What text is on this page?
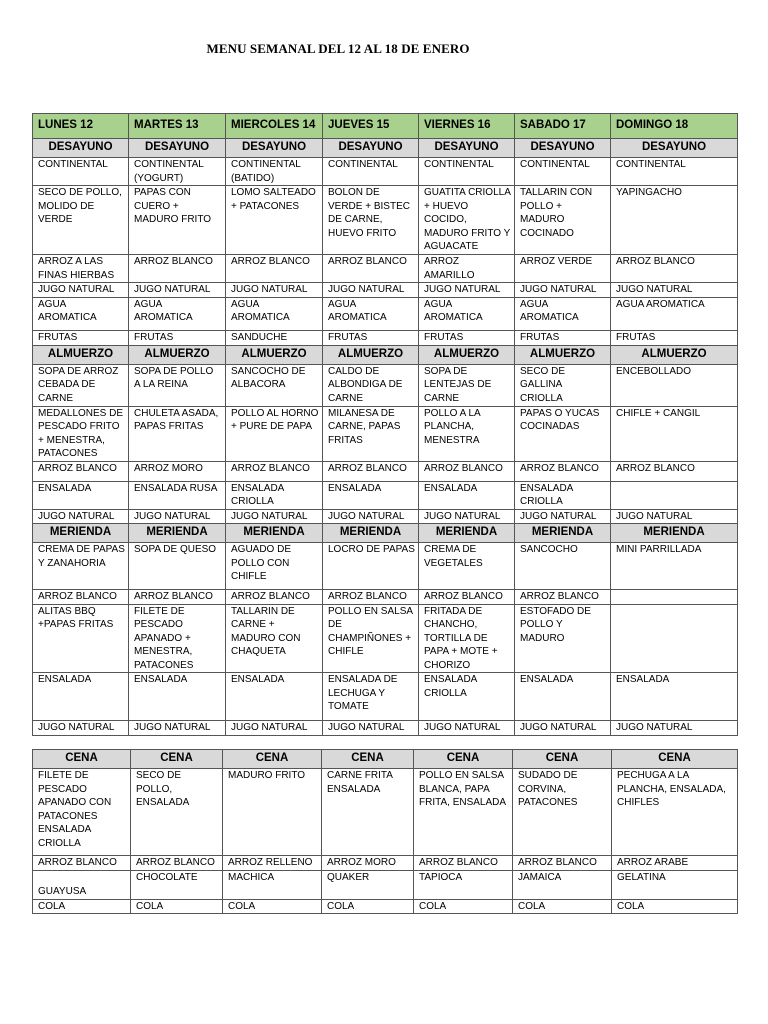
MENU SEMANAL DEL 12 AL 18 DE ENERO
LUNES 12	MARTES 13	MIERCOLES 14	JUEVES 15	VIERNES 16	SABADO 17	DOMINGO 18
DESAYUNO	DESAYUNO	DESAYUNO	DESAYUNO	DESAYUNO	DESAYUNO	DESAYUNO
CONTINENTAL	CONTINENTAL (YOGURT)	CONTINENTAL (BATIDO)	CONTINENTAL	CONTINENTAL	CONTINENTAL	CONTINENTAL
SECO DE POLLO, MOLIDO DE VERDE	PAPAS CON CUERO + MADURO FRITO	LOMO SALTEADO + PATACONES	BOLON DE VERDE + BISTEC DE CARNE, HUEVO FRITO	GUATITA CRIOLLA + HUEVO COCIDO, MADURO FRITO Y AGUACATE	TALLARIN CON POLLO + MADURO COCINADO	YAPINGACHO
ARROZ A LAS FINAS HIERBAS	ARROZ BLANCO	ARROZ BLANCO	ARROZ BLANCO	ARROZ AMARILLO	ARROZ VERDE	ARROZ BLANCO
JUGO NATURAL	JUGO NATURAL	JUGO NATURAL	JUGO NATURAL	JUGO NATURAL	JUGO NATURAL	JUGO NATURAL
AGUA AROMATICA	AGUA AROMATICA	AGUA AROMATICA	AGUA AROMATICA	AGUA AROMATICA	AGUA AROMATICA	AGUA AROMATICA
FRUTAS	FRUTAS	SANDUCHE	FRUTAS	FRUTAS	FRUTAS	FRUTAS
ALMUERZO	ALMUERZO	ALMUERZO	ALMUERZO	ALMUERZO	ALMUERZO	ALMUERZO
SOPA DE ARROZ CEBADA DE CARNE	SOPA DE POLLO A LA REINA	SANCOCHO DE ALBACORA	CALDO DE ALBONDIGA DE CARNE	SOPA DE LENTEJAS DE CARNE	SECO DE GALLINA CRIOLLA	ENCEBOLLADO
MEDALLONES DE PESCADO FRITO + MENESTRA, PATACONES	CHULETA ASADA, PAPAS FRITAS	POLLO AL HORNO + PURE DE PAPA	MILANESA DE CARNE, PAPAS FRITAS	POLLO A LA PLANCHA, MENESTRA	PAPAS O YUCAS COCINADAS	CHIFLE + CANGIL
ARROZ BLANCO	ARROZ MORO	ARROZ BLANCO	ARROZ BLANCO	ARROZ BLANCO	ARROZ BLANCO	ARROZ BLANCO
ENSALADA	ENSALADA RUSA	ENSALADA CRIOLLA	ENSALADA	ENSALADA	ENSALADA CRIOLLA	
JUGO NATURAL	JUGO NATURAL	JUGO NATURAL	JUGO NATURAL	JUGO NATURAL	JUGO NATURAL	JUGO NATURAL
MERIENDA	MERIENDA	MERIENDA	MERIENDA	MERIENDA	MERIENDA	MERIENDA
CREMA DE PAPAS Y ZANAHORIA	SOPA DE QUESO	AGUADO DE POLLO CON CHIFLE	LOCRO DE PAPAS	CREMA DE VEGETALES	SANCOCHO	MINI PARRILLADA
ARROZ BLANCO	ARROZ BLANCO	ARROZ BLANCO	ARROZ BLANCO	ARROZ BLANCO	ARROZ BLANCO	
ALITAS BBQ +PAPAS FRITAS	FILETE DE PESCADO APANADO + MENESTRA, PATACONES	TALLARIN DE CARNE + MADURO CON CHAQUETA	POLLO EN SALSA DE CHAMPIÑONES + CHIFLE	FRITADA DE CHANCHO, TORTILLA DE PAPA + MOTE + CHORIZO	ESTOFADO DE POLLO Y MADURO	
ENSALADA	ENSALADA	ENSALADA	ENSALADA DE LECHUGA Y TOMATE	ENSALADA CRIOLLA	ENSALADA	ENSALADA
JUGO NATURAL	JUGO NATURAL	JUGO NATURAL	JUGO NATURAL	JUGO NATURAL	JUGO NATURAL	JUGO NATURAL
CENA	CENA	CENA	CENA	CENA	CENA	CENA
FILETE DE PESCADO APANADO CON PATACONES ENSALADA CRIOLLA	SECO DE POLLO, ENSALADA	MADURO FRITO	CARNE FRITA ENSALADA	POLLO EN SALSA BLANCA, PAPA FRITA, ENSALADA	SUDADO DE CORVINA, PATACONES	PECHUGA A LA PLANCHA, ENSALADA, CHIFLES
ARROZ BLANCO	ARROZ BLANCO	ARROZ RELLENO	ARROZ MORO	ARROZ BLANCO	ARROZ BLANCO	ARROZ ARABE
GUAYUSA	CHOCOLATE	MACHICA	QUAKER	TAPIOCA	JAMAICA	GELATINA
COLA	COLA	COLA	COLA	COLA	COLA	COLA
